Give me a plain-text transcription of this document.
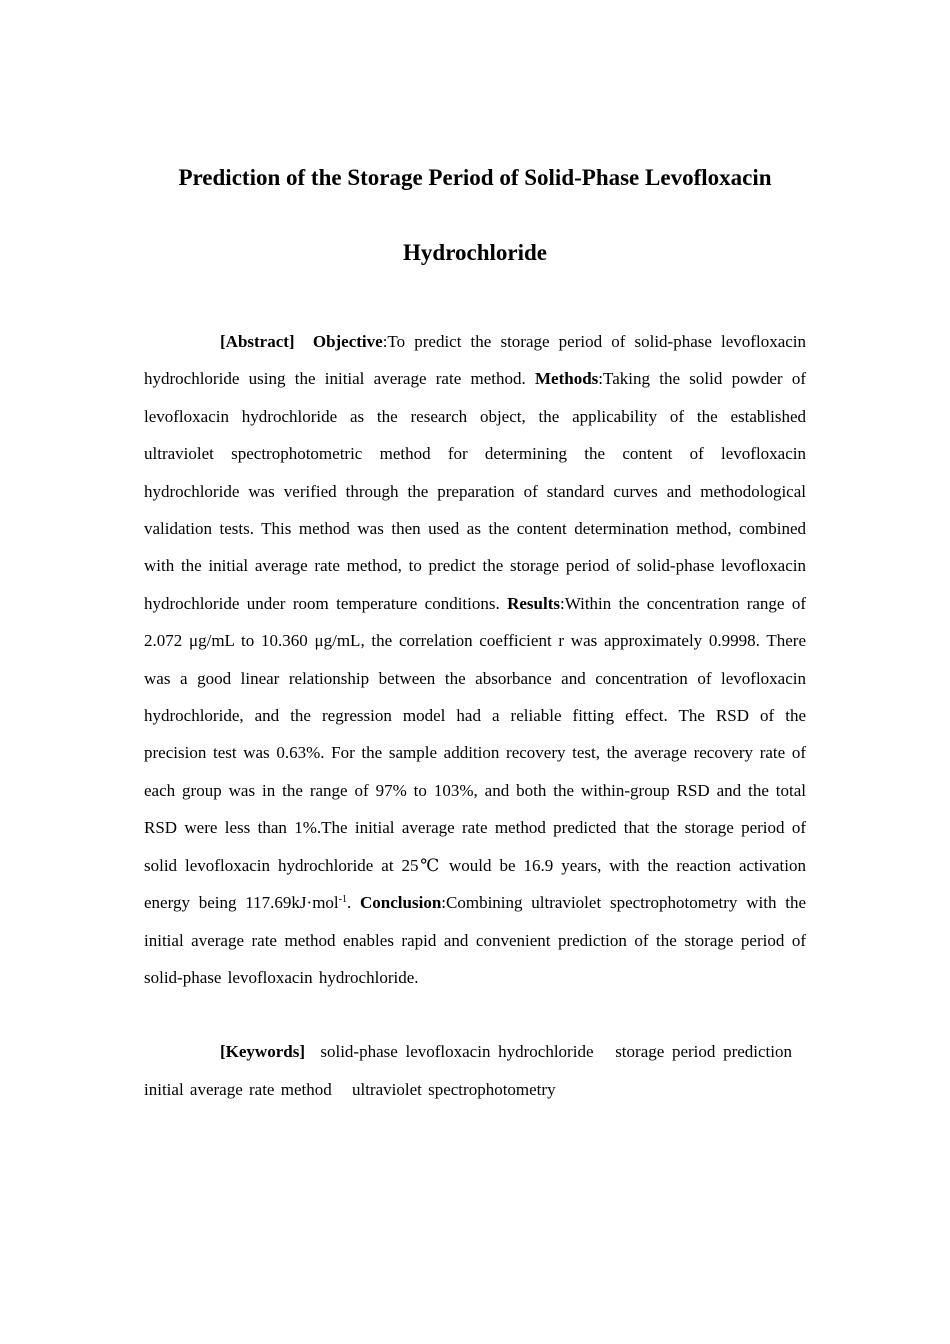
Prediction of the Storage Period of Solid-Phase Levofloxacin
Hydrochloride

[Abstract] Objective:To predict the storage period of solid-phase levofloxacin hydrochloride using the initial average rate method. Methods:Taking the solid powder of levofloxacin hydrochloride as the research object, the applicability of the established ultraviolet spectrophotometric method for determining the content of levofloxacin hydrochloride was verified through the preparation of standard curves and methodological validation tests. This method was then used as the content determination method, combined with the initial average rate method, to predict the storage period of solid-phase levofloxacin hydrochloride under room temperature conditions. Results:Within the concentration range of 2.072 μg/mL to 10.360 μg/mL, the correlation coefficient r was approximately 0.9998. There was a good linear relationship between the absorbance and concentration of levofloxacin hydrochloride, and the regression model had a reliable fitting effect. The RSD of the precision test was 0.63%. For the sample addition recovery test, the average recovery rate of each group was in the range of 97% to 103%, and both the within-group RSD and the total RSD were less than 1%.The initial average rate method predicted that the storage period of solid levofloxacin hydrochloride at 25℃ would be 16.9 years, with the reaction activation energy being 117.69kJ·mol$^{-1}$. Conclusion:Combining ultraviolet spectrophotometry with the initial average rate method enables rapid and convenient prediction of the storage period of solid-phase levofloxacin hydrochloride.

[Keywords] solid-phase levofloxacin hydrochloride storage period prediction initial average rate method ultraviolet spectrophotometry
